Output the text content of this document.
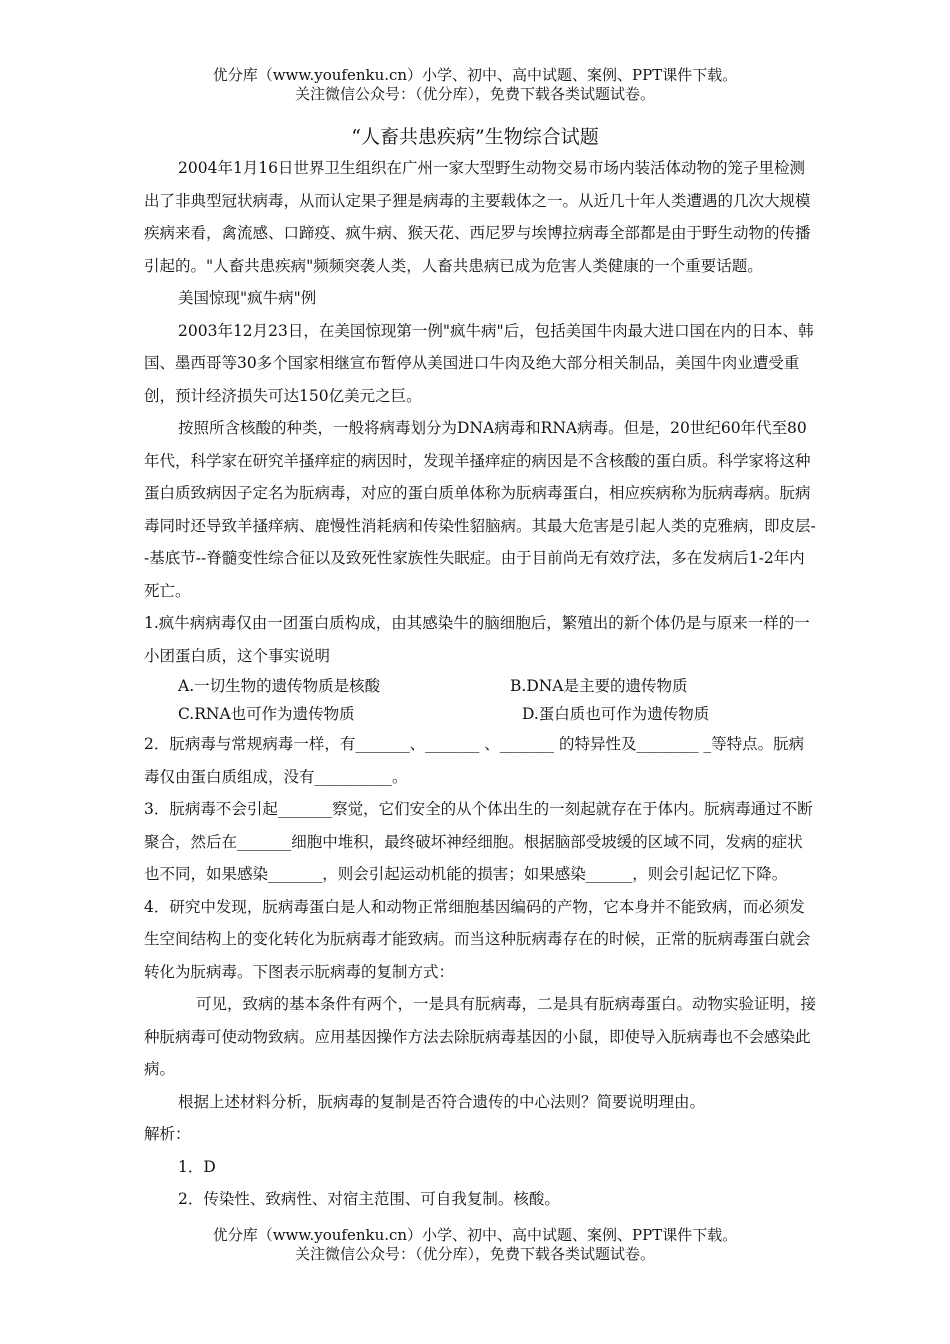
优分库（www.youfenku.cn）小学、初中、高中试题、案例、PPT课件下载。
关注微信公众号：（优分库），免费下载各类试题试卷。
“人畜共患疾病”生物综合试题

2004年1月16日世界卫生组织在广州一家大型野生动物交易市场内装活体动物的笼子里检测出了非典型冠状病毒，从而认定果子狸是病毒的主要载体之一。从近几十年人类遭遇的几次大规模疾病来看，禽流感、口蹄疫、疯牛病、猴天花、西尼罗与埃博拉病毒全部都是由于野生动物的传播引起的。"人畜共患疾病"频频突袭人类，人畜共患病已成为危害人类健康的一个重要话题。

美国惊现"疯牛病"例

2003年12月23日，在美国惊现第一例"疯牛病"后，包括美国牛肉最大进口国在内的日本、韩国、墨西哥等30多个国家相继宣布暂停从美国进口牛肉及绝大部分相关制品，美国牛肉业遭受重创，预计经济损失可达150亿美元之巨。

按照所含核酸的种类，一般将病毒划分为DNA病毒和RNA病毒。但是，20世纪60年代至80年代，科学家在研究羊搔痒症的病因时，发现羊搔痒症的病因是不含核酸的蛋白质。科学家将这种蛋白质致病因子定名为朊病毒，对应的蛋白质单体称为朊病毒蛋白，相应疾病称为朊病毒病。朊病毒同时还导致羊搔痒病、鹿慢性消耗病和传染性貂脑病。其最大危害是引起人类的克雅病，即皮层--基底节--脊髓变性综合征以及致死性家族性失眠症。由于目前尚无有效疗法，多在发病后1-2年内死亡。

1.疯牛病病毒仅由一团蛋白质构成，由其感染牛的脑细胞后，繁殖出的新个体仍是与原来一样的一小团蛋白质，这个事实说明

A.一切生物的遗传物质是核酸	B.DNA是主要的遗传物质
C.RNA也可作为遗传物质	D.蛋白质也可作为遗传物质

2．朊病毒与常规病毒一样，有_______、_______ 、_______ 的特异性及________ _等特点。朊病毒仅由蛋白质组成，没有__________。

3．朊病毒不会引起_______察觉，它们安全的从个体出生的一刻起就存在于体内。朊病毒通过不断聚合，然后在_______细胞中堆积，最终破坏神经细胞。根据脑部受坡缓的区域不同，发病的症状也不同，如果感染_______，则会引起运动机能的损害；如果感染______，则会引起记忆下降。

4．研究中发现，朊病毒蛋白是人和动物正常细胞基因编码的产物，它本身并不能致病，而必须发生空间结构上的变化转化为朊病毒才能致病。而当这种朊病毒存在的时候，正常的朊病毒蛋白就会转化为朊病毒。下图表示朊病毒的复制方式：

可见，致病的基本条件有两个，一是具有朊病毒，二是具有朊病毒蛋白。动物实验证明，接种朊病毒可使动物致病。应用基因操作方法去除朊病毒基因的小鼠，即使导入朊病毒也不会感染此病。

根据上述材料分析，朊病毒的复制是否符合遗传的中心法则？简要说明理由。

解析：

1．D

2．传染性、致病性、对宿主范围、可自我复制。核酸。

优分库（www.youfenku.cn）小学、初中、高中试题、案例、PPT课件下载。
关注微信公众号：（优分库），免费下载各类试题试卷。
